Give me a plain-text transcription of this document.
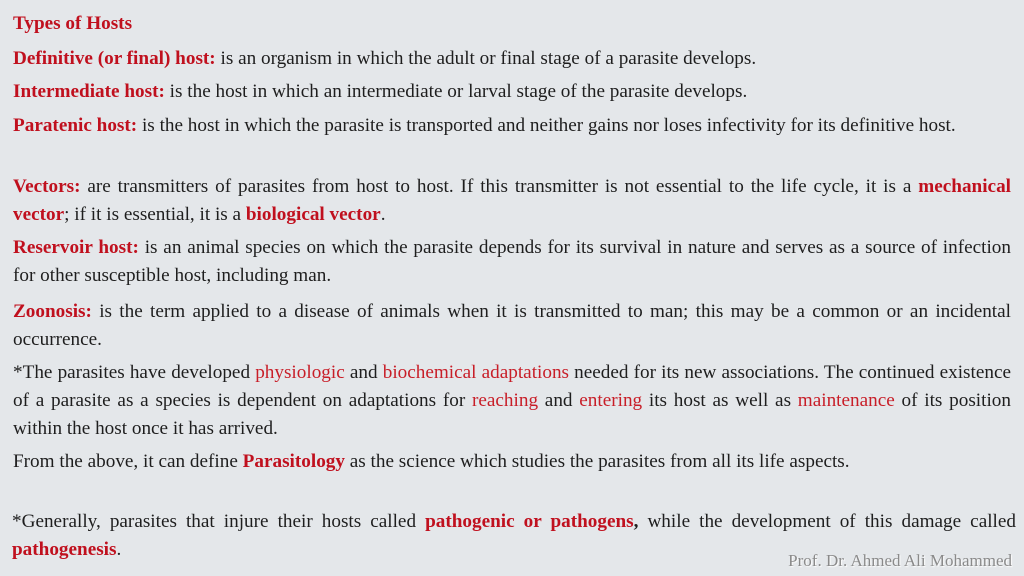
Types of Hosts

Definitive (or final) host: is an organism in which the adult or final stage of a parasite develops.

Intermediate host: is the host in which an intermediate or larval stage of the parasite develops.

Paratenic host: is the host in which the parasite is transported and neither gains nor loses infectivity for its definitive host.

Vectors: are transmitters of parasites from host to host. If this transmitter is not essential to the life cycle, it is a mechanical vector; if it is essential, it is a biological vector.

Reservoir host: is an animal species on which the parasite depends for its survival in nature and serves as a source of infection for other susceptible host, including man.

Zoonosis: is the term applied to a disease of animals when it is transmitted to man; this may be a common or an incidental occurrence.

*The parasites have developed physiologic and biochemical adaptations needed for its new associations. The continued existence of a parasite as a species is dependent on adaptations for reaching and entering its host as well as maintenance of its position within the host once it has arrived.

From the above, it can define Parasitology as the science which studies the parasites from all its life aspects.

*Generally, parasites that injure their hosts called pathogenic or pathogens, while the development of this damage called pathogenesis.

Prof. Dr. Ahmed Ali Mohammed
